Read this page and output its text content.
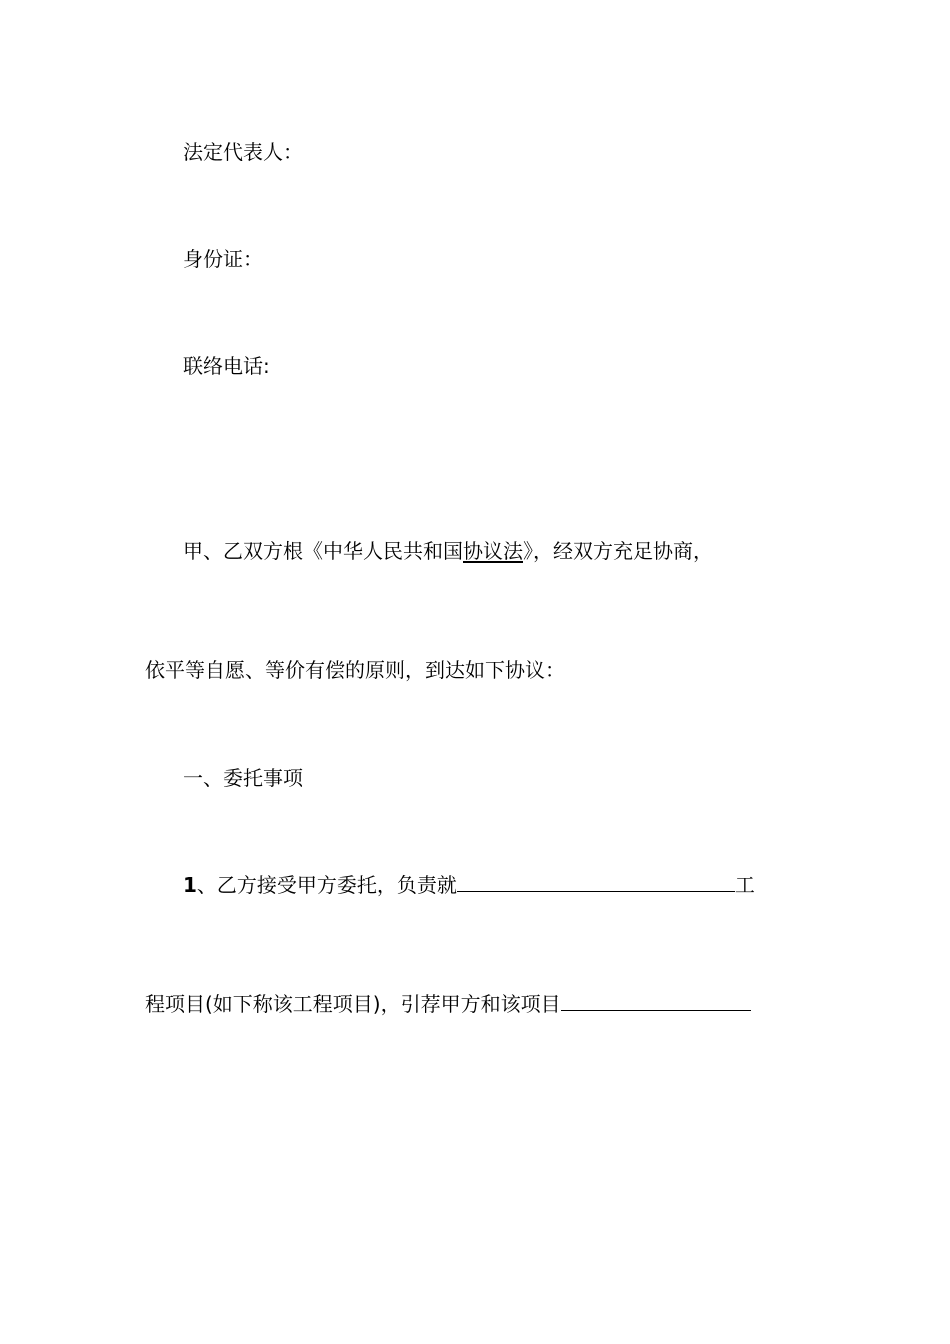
法定代表人：
身份证：
联络电话:
甲、乙双方根《中华人民共和国协议法》，经双方充足协商，
依平等自愿、等价有偿的原则，到达如下协议：
一、委托事项
1、乙方接受甲方委托，负责就	工
程项目(如下称该工程项目)，引荐甲方和该项目
